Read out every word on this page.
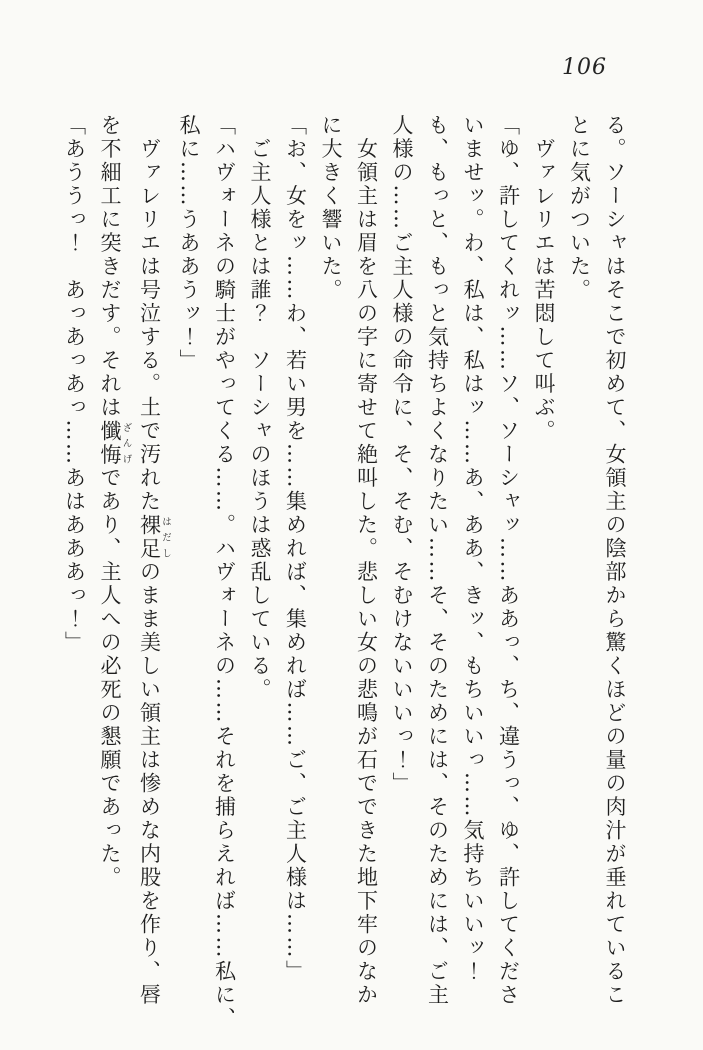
106
る。ソーシャはそこで初めて、女領主の陰部から驚くほどの量の肉汁が垂れているこ
とに気がついた。
　ヴァレリエは苦悶して叫ぶ。
「ゆ、許してくれッ……ソ、ソーシャッ……ああっ、ち、違うっ、ゆ、許してくださ
いませッ。わ、私は、私はッ……あ、ああ、きッ、もちいいっ……気持ちいいッ！
も、もっと、もっと気持ちよくなりたい……そ、そのためには、そのためには、ご主
人様の……ご主人様の命令に、そ、そむ、そむけないいいっ！」
　女領主は眉を八の字に寄せて絶叫した。悲しい女の悲鳴が石でできた地下牢のなか
に大きく響いた。
「お、女をッ……わ、若い男を……集めれば、集めれば……ご、ご主人様は……」
　ご主人様とは誰？　ソーシャのほうは惑乱している。
「ハヴォーネの騎士がやってくる……。ハヴォーネの……それを捕らえれば……私に、
私に……うああうッ！」
　ヴァレリエは号泣する。土で汚れた裸足はだしのまま美しい領主は惨めな内股を作り、唇
を不細工に突きだす。それは懺悔ざんげであり、主人への必死の懇願であった。
「あううっ！　あっあっあっ……あはあああっ！」
